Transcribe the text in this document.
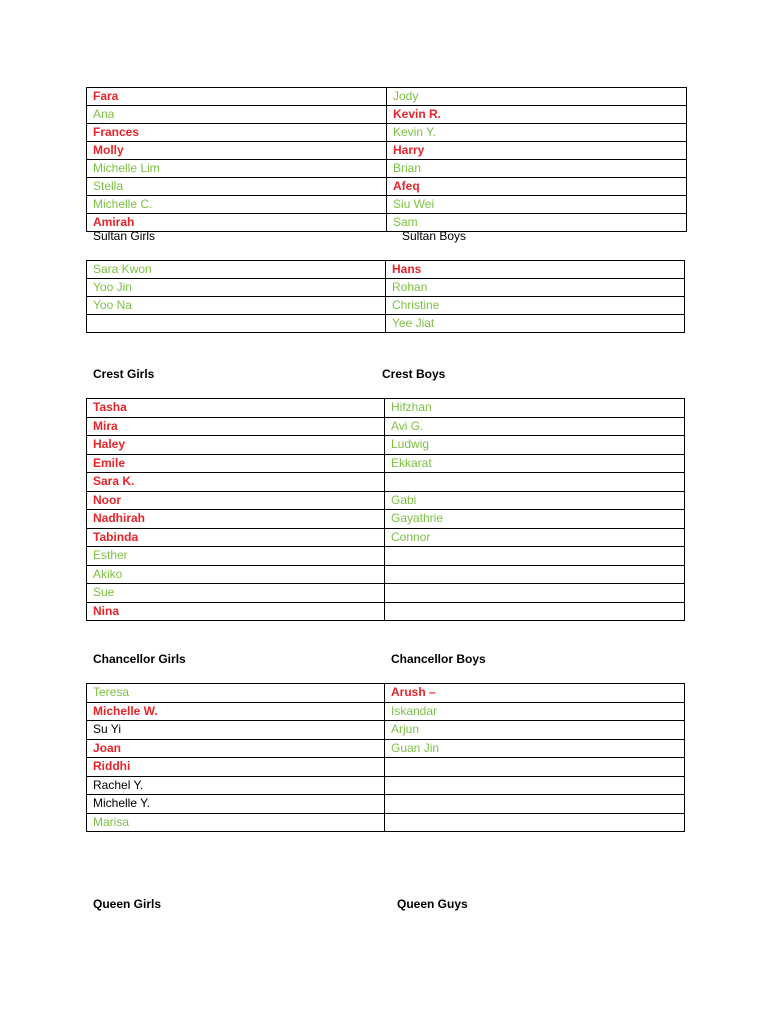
Fara	Jody
Ana	Kevin R.
Frances	Kevin Y.
Molly	Harry
Michelle Lim	Brian
Stella	Afeq
Michelle C.	Siu Wei
Amirah	Sam
Sultan Girls	Sultan Boys
Sara Kwon	Hans
Yoo Jin	Rohan
Yoo Na	Christine
	Yee Jiat
Crest Girls	Crest Boys
Tasha	Hifzhan
Mira	Avi G.
Haley	Ludwig
Emile	Ekkarat
Sara K.	
Noor	Gabi
Nadhirah	Gayathrie
Tabinda	Connor
Esther	
Akiko	
Sue	
Nina	
Chancellor Girls	Chancellor Boys
Teresa	Arush –
Michelle W.	Iskandar
Su Yi	Arjun
Joan	Guan Jin
Riddhi	
Rachel Y.	
Michelle Y.	
Marisa	
Queen Girls	Queen Guys
